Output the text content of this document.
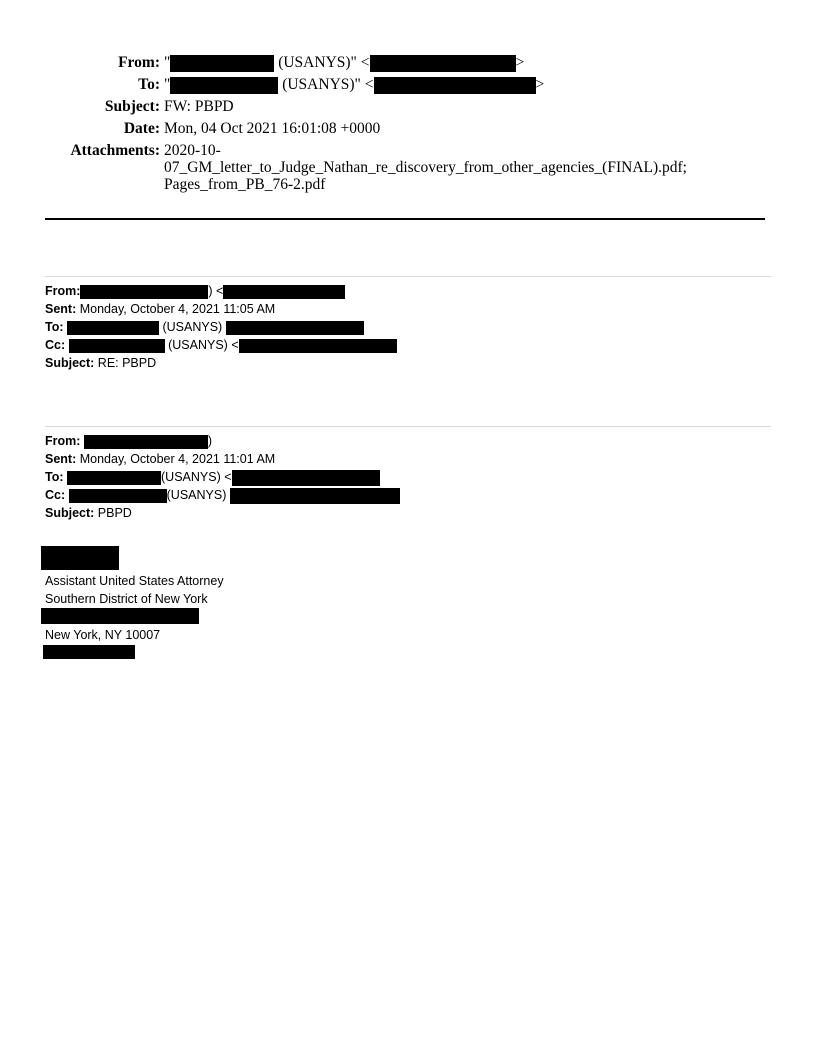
From: "	(USANYS)" <	>
To: "	(USANYS)" <	>
Subject: FW: PBPD
Date: Mon, 04 Oct 2021 16:01:08 +0000
Attachments: 2020-10-
07_GM_letter_to_Judge_Nathan_re_discovery_from_other_agencies_(FINAL).pdf;
Pages_from_PB_76-2.pdf
From:	) <
Sent: Monday, October 4, 2021 11:05 AM
To:	(USANYS)
Cc:	(USANYS) <
Subject: RE: PBPD
From:	)
Sent: Monday, October 4, 2021 11:01 AM
To:	(USANYS) <
Cc:	(USANYS)
Subject: PBPD
Assistant United States Attorney
Southern District of New York
New York, NY 10007
